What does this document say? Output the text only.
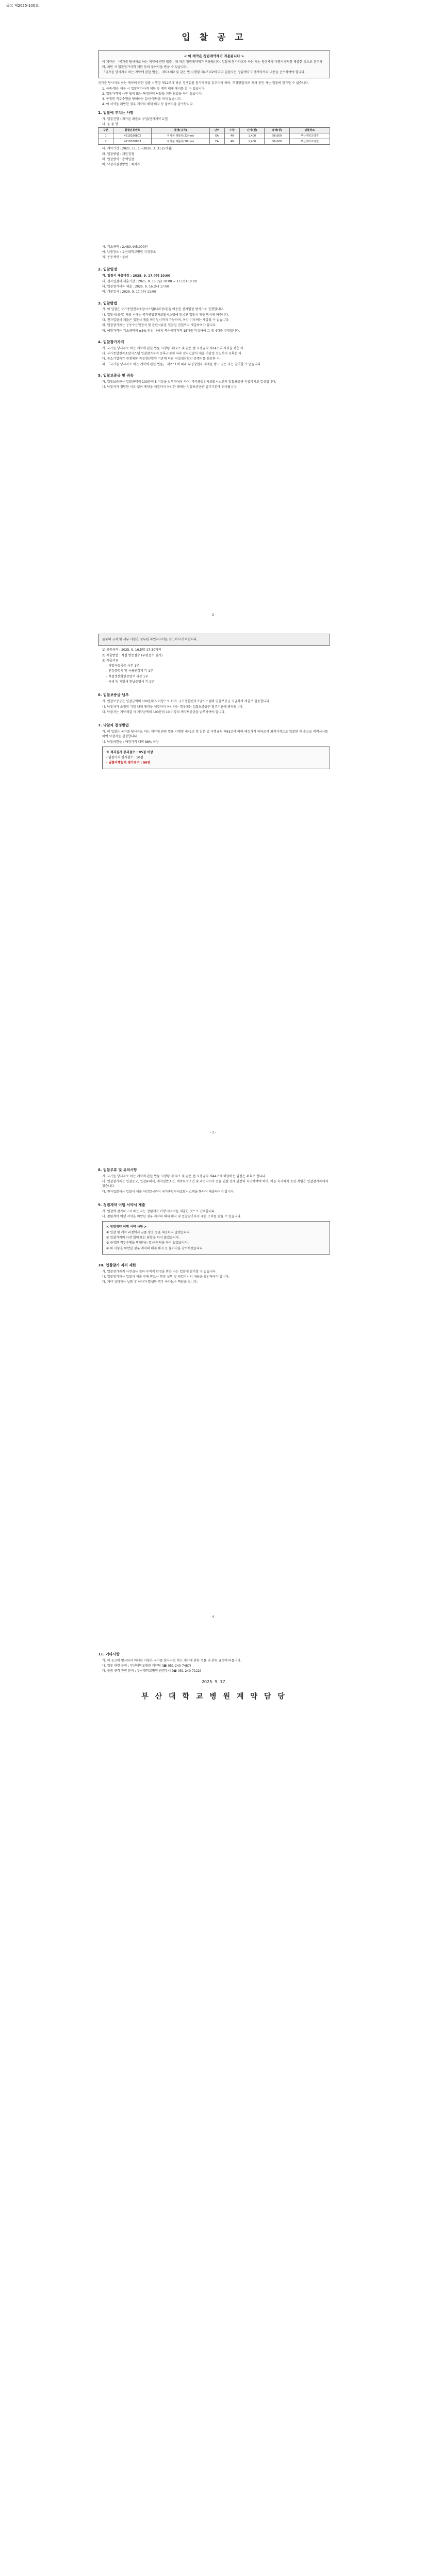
공고 제2025-100호
입 찰 공 고
< 이 계약은 청렴계약제가 적용됩니다 >

이 계약은 「국가를 당사자로 하는 계약에 관한 법률」에 따른 청렴계약제가 적용됩니다. 입찰에 참가하고자 하는 자는 청렴계약 이행서약서를 제출한 것으로 간주하며, 위반 시 입찰참가자격 제한 등의 불이익을 받을 수 있습니다.

「국가를 당사자로 하는 계약에 관한 법률」 제5조의2 및 같은 법 시행령 제4조의2에 따라 입찰자는 청렴계약 이행서약서의 내용을 준수하여야 합니다.

국가를 당사자로 하는 계약에 관한 법률 시행령 제12조에 따른 경쟁입찰 참가자격을 갖추어야 하며, 부정당업자로 제재 중인 자는 입찰에 참가할 수 없습니다.

1. 금품·향응 제공 시 입찰참가자격 제한 및 계약 해제·해지를 할 수 있습니다.

2. 입찰가격의 사전 협의 또는 특정인의 낙찰을 위한 담합을 하지 않습니다.

3. 공정한 직무수행을 방해하는 알선·청탁을 하지 않습니다.

4. 이 서약을 위반한 경우 계약의 해제·해지 등 불이익을 감수합니다.

1. 입찰에 부치는 사항

가. 입찰건명 : 저카본 레틀록 구입(단가계약 2건)

나. 물 품 명

구분	물품분류번호	품명(규격)	단위	수량	단가(원)	총액(원)	납품장소
1	4218180802	저카본 레틀록(22mm)	EA	40	1,400	56,000	부산대학교병원
2	4218180803	저카본 레틀록(28mm)	EA	40	1,400	56,000	부산대학교병원

다. 계약기간 : 2025. 11. 1.~2026. 3. 31.(5개월)

라. 입찰방법 : 제한경쟁

마. 입찰방식 : 총액입찰

바. 낙찰자결정방법 : 최저가

사. 기초금액 : 2,480,445,000원

아. 납품장소 : 부산대학교병원 지정장소

자. 공동계약 : 불허

2. 입찰일정

가. 입찰서 제출마감 : 2025. 9. 17.(수) 10:00

나. 전자입찰서 제출기간 : 2025. 9. 15.(월) 10:00 ~ 17.(수) 10:00

다. 입찰참가서류 제출 : 2025. 9. 16.(화) 17:00

라. 개찰일시 : 2025. 9. 17.(수) 11:00

3. 입찰방법

가. 이 입찰은 국가종합전자조달시스템(나라장터)을 이용한 전자입찰 방식으로 집행합니다.

나. 입찰서(총액) 제출 시에는 국가종합전자조달시스템에 등록된 입찰서 제출 방식에 따릅니다.

다. 전자입찰서 제출은 입찰서 제출 마감일시까지 가능하며, 마감 이후에는 제출할 수 없습니다.

라. 입찰참가자는 공동수급협정서 및 관련서류를 입찰일 전일까지 제출하여야 합니다.

마. 예정가격은 기초금액의 ±3% 범위 내에서 복수예비가격 15개를 작성하여 그 중 4개를 추첨합니다.

4. 입찰참가자격

가. 국가를 당사자로 하는 계약에 관한 법률 시행령 제12조 및 같은 법 시행규칙 제14조의 자격을 갖춘 자

나. 국가종합전자조달시스템 입찰참가자격 등록규정에 따라 전자입찰서 제출 마감일 전일까지 등록한 자

다. 중소기업자간 경쟁제품 직접생산확인 기준에 따른 직접생산확인 증명서를 보유한 자

라. 「국가를 당사자로 하는 계약에 관한 법률」 제27조에 따라 부정당업자 제재를 받고 있는 자는 참가할 수 없습니다.

5. 입찰보증금 및 귀속

가. 입찰보증금은 입찰금액의 100분의 5 이상을 납부하여야 하며, 국가종합전자조달시스템의 입찰보증금 지급각서로 갈음합니다.

나. 낙찰자가 정당한 이유 없이 계약을 체결하지 아니한 때에는 입찰보증금은 발주기관에 귀속됩니다.

- 2 -

물품의 규격 및 세부 사항은 첨부된 과업지시서를 참고하시기 바랍니다.

1) 물품규격 : 2025. 9. 16.(화) 17:30까지

2) 제출방법 : 직접 방문접수 (우편접수 불가)

3) 제출서류

- 사업자등록증 사본 1부

- 인감증명서 및 사용인감계 각 1부

- 직접생산확인증명서 사본 1부

- 국세 및 지방세 완납증명서 각 1부

6. 입찰보증금 납부

가. 입찰보증금은 입찰금액의 100분의 5 이상으로 하며, 국가종합전자조달시스템의 입찰보증금 지급각서 제출로 갈음합니다.

나. 낙찰자가 소정의 기일 내에 계약을 체결하지 아니하는 경우에는 입찰보증금은 발주기관에 귀속됩니다.

다. 낙찰자는 계약체결 시 계약금액의 100분의 10 이상의 계약보증금을 납부하여야 합니다.

7. 낙찰자 결정방법

가. 이 입찰은 국가를 당사자로 하는 계약에 관한 법률 시행령 제42조 및 같은 법 시행규칙 제43조에 따라 예정가격 이하로서 최저가격으로 입찰한 자 순으로 적격심사를 하여 낙찰자를 결정합니다.

나. 낙찰하한율 : 예정가격 대비 88% 이상

※ 적격심사 통과점수 : 85점 이상

- 입찰가격 평가점수 : 50점

- 납품이행능력 평가점수 : 50점

- 3 -
8. 입찰무효 및 유의사항

가. 국가를 당사자로 하는 계약에 관한 법률 시행령 제39조 및 같은 법 시행규칙 제44조에 해당하는 입찰은 무효로 합니다.

나. 입찰참가자는 입찰공고, 입찰유의서, 계약일반조건, 계약특수조건 및 과업지시서 등을 입찰 전에 완전히 숙지하여야 하며, 이를 숙지하지 못한 책임은 입찰참가자에게 있습니다.

다. 전자입찰서는 입찰서 제출 마감일시까지 국가종합전자조달시스템을 통하여 제출하여야 합니다.

9. 청렴계약 이행 서약서 제출

가. 입찰에 참가하고자 하는 자는 청렴계약 이행 서약서를 제출한 것으로 간주합니다.

나. 청렴계약 이행 서약을 위반한 경우 계약의 해제·해지 및 입찰참가자격 제한 조치를 받을 수 있습니다.

< 청렴계약 이행 서약 사항 >

① 입찰 및 계약 과정에서 금품·향응 등을 제공하지 않겠습니다.

② 입찰가격의 사전 협의 또는 담합을 하지 않겠습니다.

③ 공정한 직무수행을 방해하는 알선·청탁을 하지 않겠습니다.

④ 위 사항을 위반한 경우 계약의 해제·해지 등 불이익을 감수하겠습니다.

10. 입찰참가 자격 제한

가. 입찰참가자격 사전심사 결과 부적격 판정을 받은 자는 입찰에 참가할 수 없습니다.

나. 입찰참가자는 입찰서 제출 전에 반드시 현장 설명 및 과업지시서 내용을 확인하여야 합니다.

다. 계약 상대자는 납품 후 하자가 발생한 경우 하자보수 책임을 집니다.

- 4 -
11. 기타사항

가. 이 공고에 명시되지 아니한 사항은 국가를 당사자로 하는 계약에 관한 법률 및 관련 규정에 따릅니다.

나. 입찰 관련 문의 : 부산대학교병원 계약팀 (☎ 051-240-7487)

다. 물품 규격 관련 문의 : 부산대학교병원 관련부서 (☎ 051-240-7122)

2025. 9. 17.
부 산 대 학 교 병 원 계 약 담 당
